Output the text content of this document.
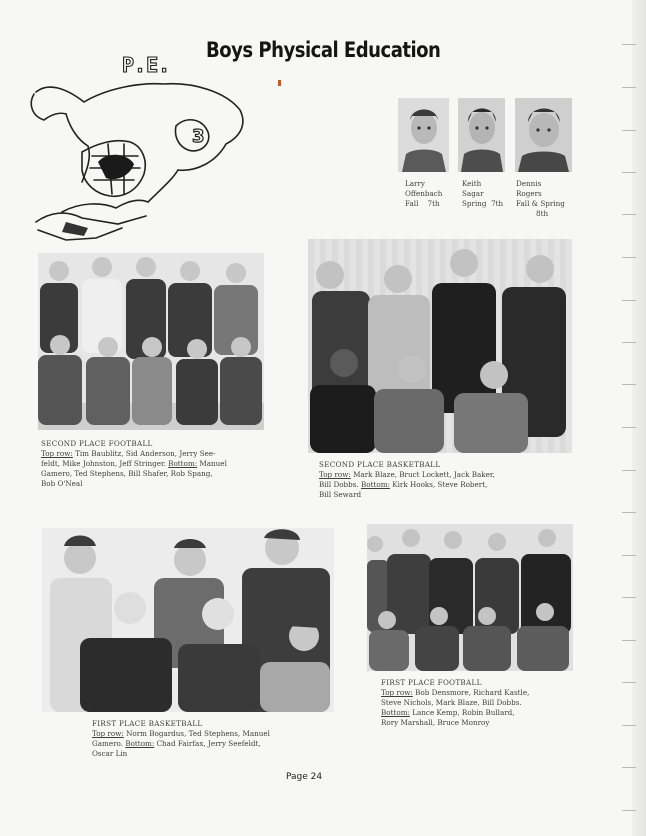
Boys Physical Education
3
P.E.
Larry
Offenbach
Fall 7th
Keith
Sagar
Spring 7th
Dennis
Rogers
Fall & Spring
8th
SECOND PLACE FOOTBALL
Top row: Tim Baublitz, Sid Anderson, Jerry See-
feldt, Mike Johnston, Jeff Stringer. Bottom: Manuel
Gamero, Ted Stephens, Bill Shafer, Rob Spang,
Bob O'Neal
SECOND PLACE BASKETBALL
Top row: Mark Blaze, Bruct Lockett, Jack Baker,
Bill Dobbs. Bottom: Kirk Hooks, Steve Robert,
Bill Seward
FIRST PLACE BASKETBALL
Top row: Norm Bogardus, Ted Stephens, Manuel
Gamero. Bottom: Chad Fairfax, Jerry Seefeldt,
Oscar Lin
FIRST PLACE FOOTBALL
Top row: Bob Densmore, Richard Kastle,
Steve Nichols, Mark Blaze, Bill Dobbs.
Bottom: Lance Kemp, Robin Bullard,
Rory Marshall, Bruce Monroy
Page 24
